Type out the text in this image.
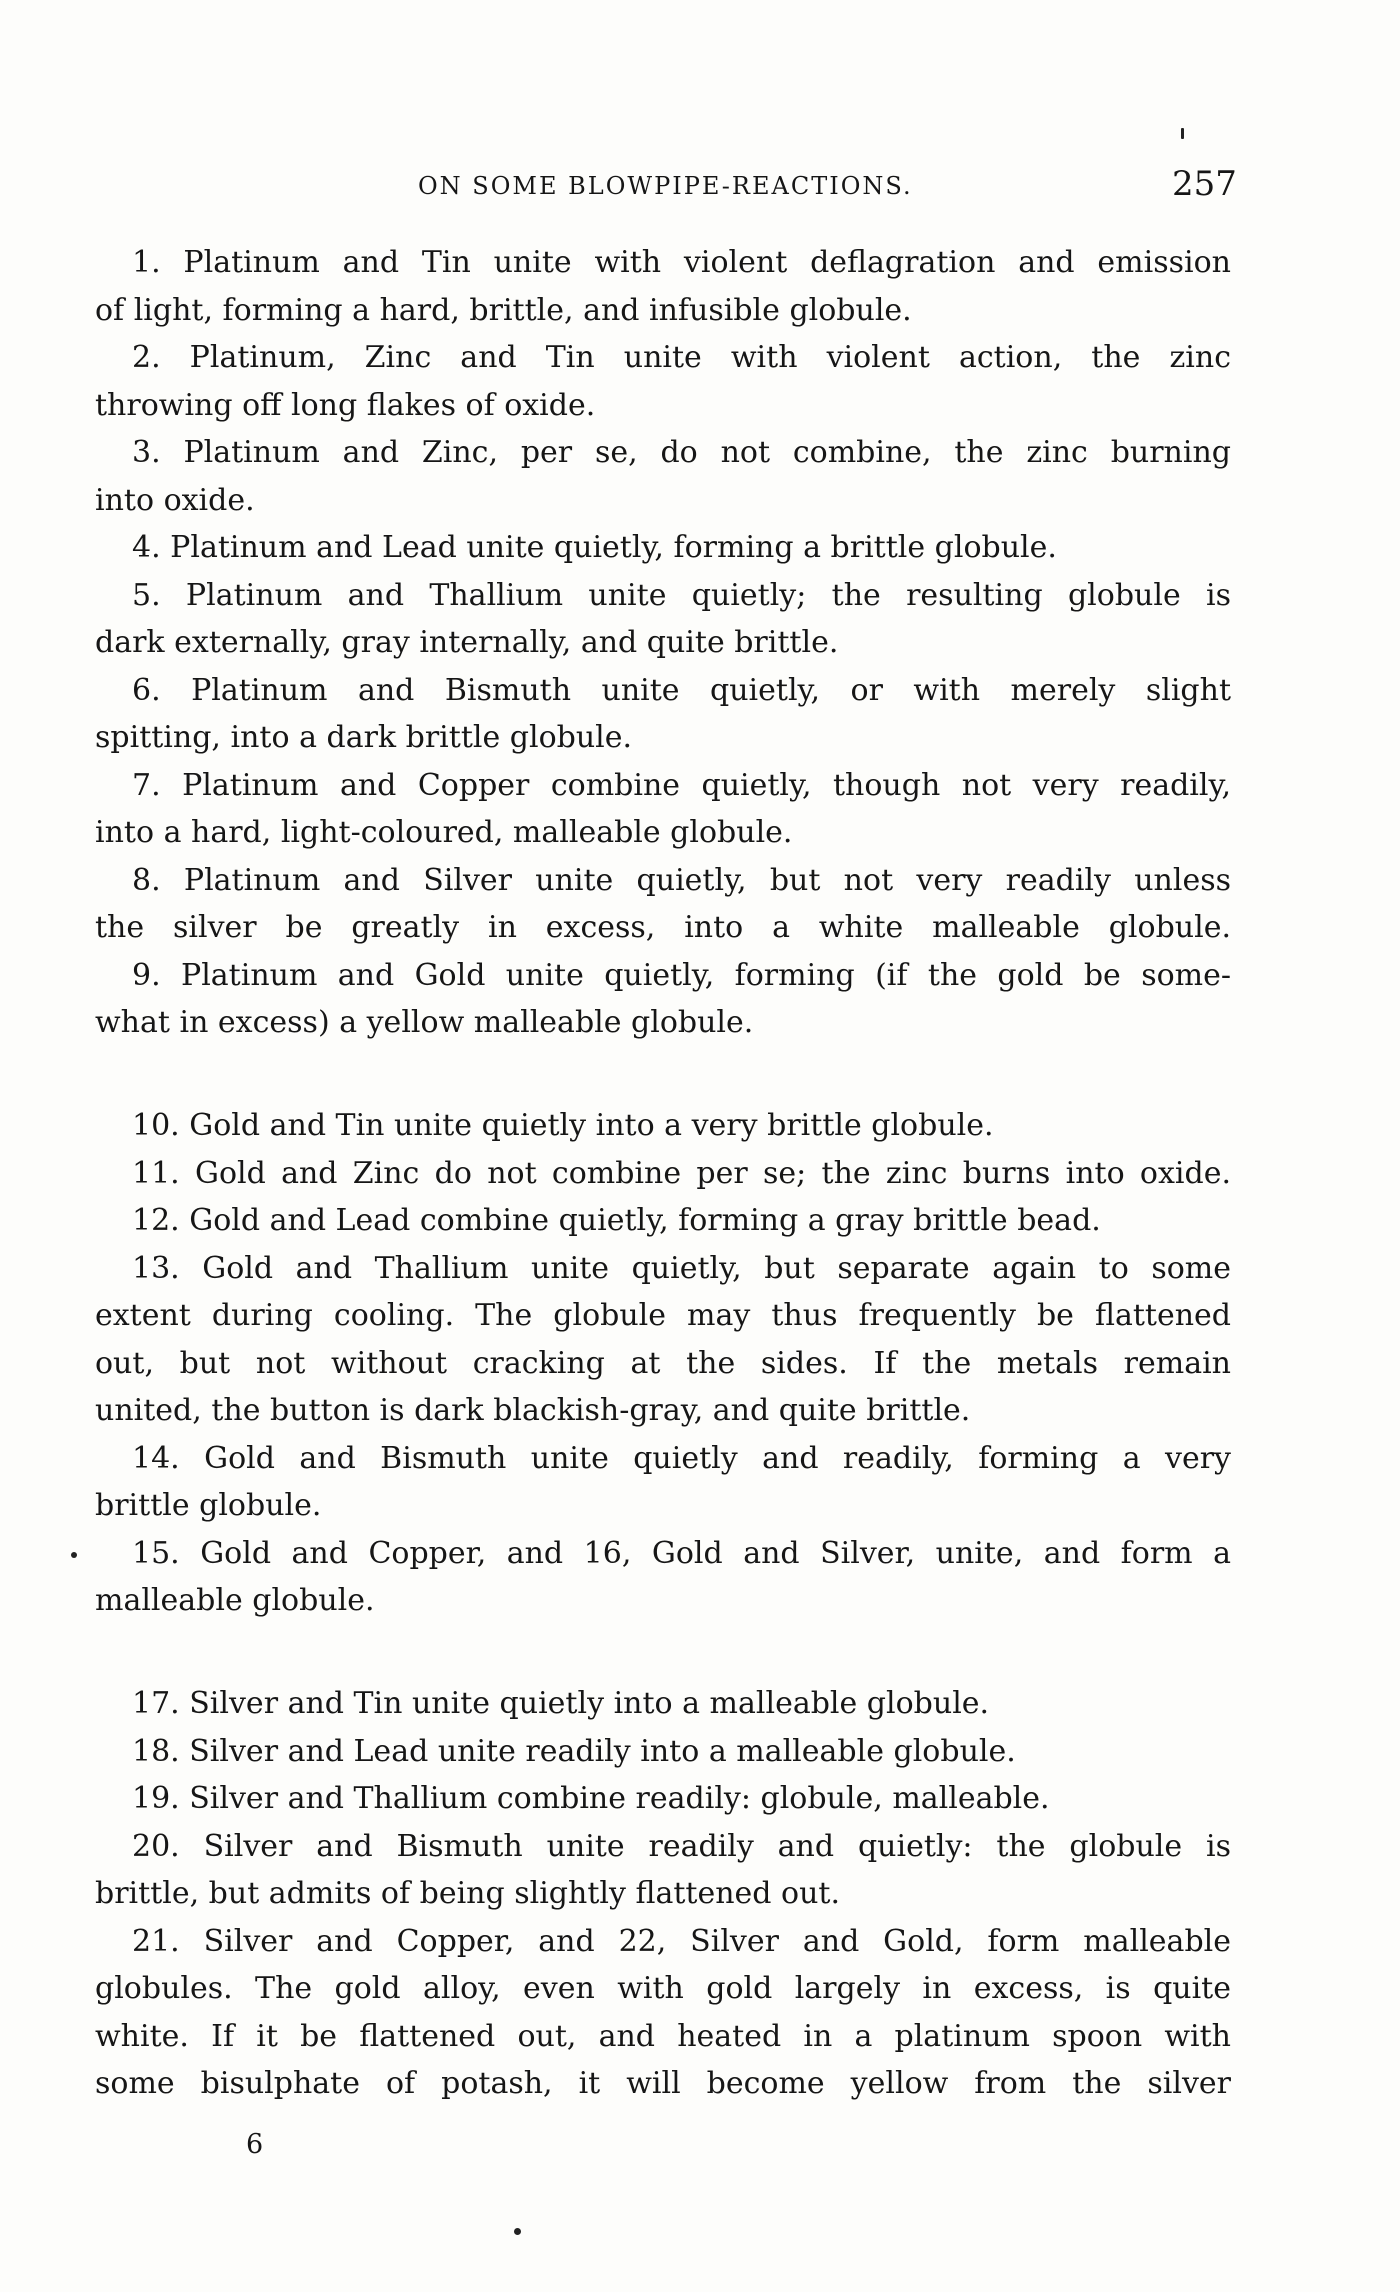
ON SOME BLOWPIPE-REACTIONS.	257
1. Platinum and Tin unite with violent deflagration and emission
of light, forming a hard, brittle, and infusible globule.
2. Platinum, Zinc and Tin unite with violent action, the zinc
throwing off long flakes of oxide.
3. Platinum and Zinc, per se, do not combine, the zinc burning
into oxide.
4. Platinum and Lead unite quietly, forming a brittle globule.
5. Platinum and Thallium unite quietly; the resulting globule is
dark externally, gray internally, and quite brittle.
6. Platinum and Bismuth unite quietly, or with merely slight
spitting, into a dark brittle globule.
7. Platinum and Copper combine quietly, though not very readily,
into a hard, light-coloured, malleable globule.
8. Platinum and Silver unite quietly, but not very readily unless
the silver be greatly in excess, into a white malleable globule.
9. Platinum and Gold unite quietly, forming (if the gold be some-
what in excess) a yellow malleable globule.
10. Gold and Tin unite quietly into a very brittle globule.
11. Gold and Zinc do not combine per se; the zinc burns into oxide.
12. Gold and Lead combine quietly, forming a gray brittle bead.
13. Gold and Thallium unite quietly, but separate again to some
extent during cooling. The globule may thus frequently be flattened
out, but not without cracking at the sides. If the metals remain
united, the button is dark blackish-gray, and quite brittle.
14. Gold and Bismuth unite quietly and readily, forming a very
brittle globule.
15. Gold and Copper, and 16, Gold and Silver, unite, and form a
malleable globule.
17. Silver and Tin unite quietly into a malleable globule.
18. Silver and Lead unite readily into a malleable globule.
19. Silver and Thallium combine readily: globule, malleable.
20. Silver and Bismuth unite readily and quietly: the globule is
brittle, but admits of being slightly flattened out.
21. Silver and Copper, and 22, Silver and Gold, form malleable
globules. The gold alloy, even with gold largely in excess, is quite
white. If it be flattened out, and heated in a platinum spoon with
some bisulphate of potash, it will become yellow from the silver
6
